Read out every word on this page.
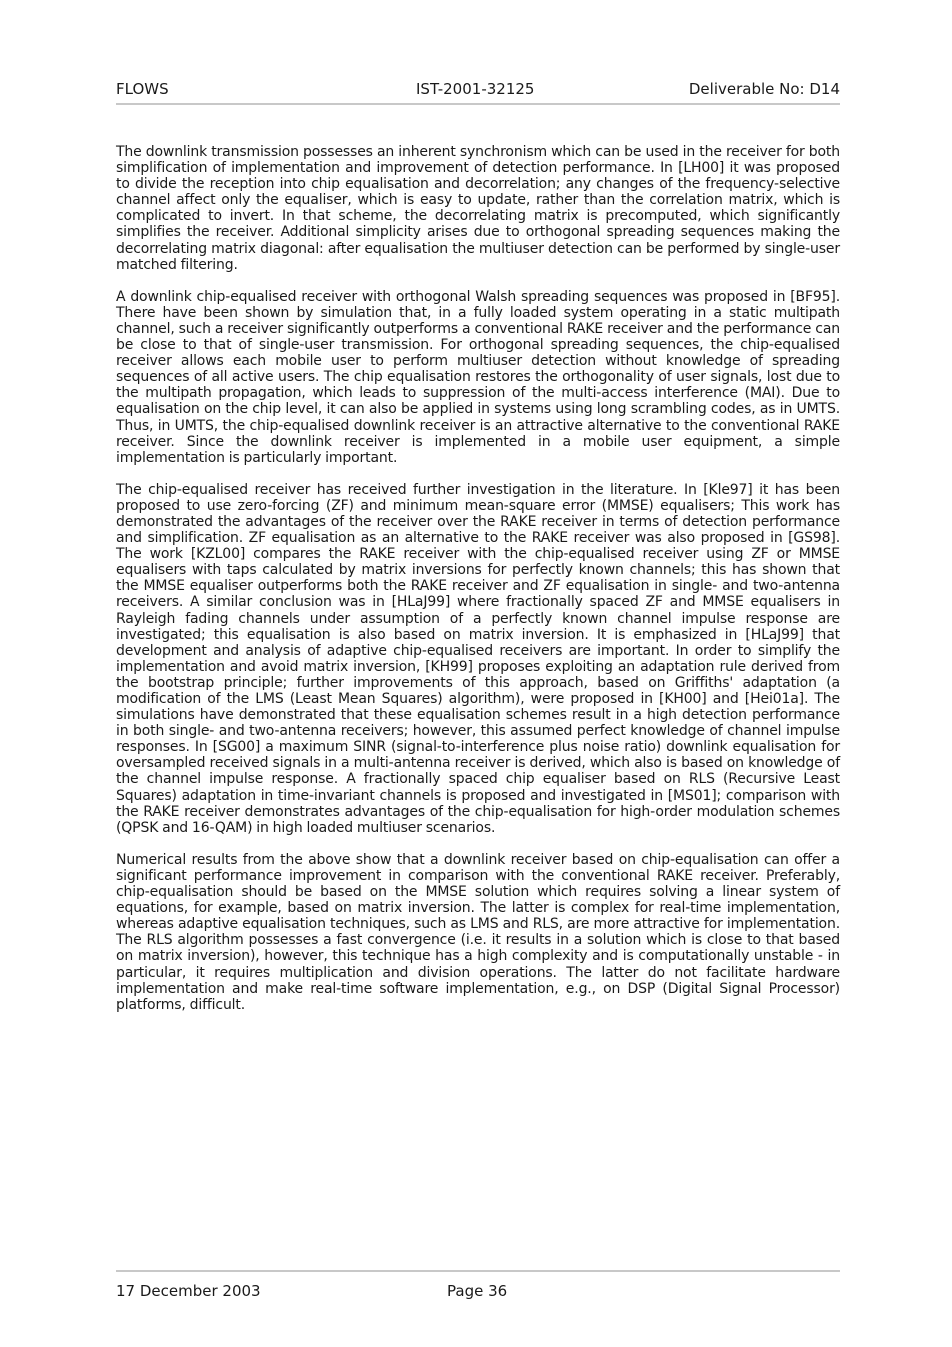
FLOWS	IST-2001-32125	Deliverable No: D14

The downlink transmission possesses an inherent synchronism which can be used in the receiver for both simplification of implementation and improvement of detection performance. In [LH00] it was proposed to divide the reception into chip equalisation and decorrelation; any changes of the frequency-selective channel affect only the equaliser, which is easy to update, rather than the correlation matrix, which is complicated to invert. In that scheme, the decorrelating matrix is precomputed, which significantly simplifies the receiver. Additional simplicity arises due to orthogonal spreading sequences making the decorrelating matrix diagonal: after equalisation the multiuser detection can be performed by single-user matched filtering.

A downlink chip-equalised receiver with orthogonal Walsh spreading sequences was proposed in [BF95]. There have been shown by simulation that, in a fully loaded system operating in a static multipath channel, such a receiver significantly outperforms a conventional RAKE receiver and the performance can be close to that of single-user transmission. For orthogonal spreading sequences, the chip-equalised receiver allows each mobile user to perform multiuser detection without knowledge of spreading sequences of all active users. The chip equalisation restores the orthogonality of user signals, lost due to the multipath propagation, which leads to suppression of the multi-access interference (MAI). Due to equalisation on the chip level, it can also be applied in systems using long scrambling codes, as in UMTS. Thus, in UMTS, the chip-equalised downlink receiver is an attractive alternative to the conventional RAKE receiver. Since the downlink receiver is implemented in a mobile user equipment, a simple implementation is particularly important.

The chip-equalised receiver has received further investigation in the literature. In [Kle97] it has been proposed to use zero-forcing (ZF) and minimum mean-square error (MMSE) equalisers; This work has demonstrated the advantages of the receiver over the RAKE receiver in terms of detection performance and simplification. ZF equalisation as an alternative to the RAKE receiver was also proposed in [GS98]. The work [KZL00] compares the RAKE receiver with the chip-equalised receiver using ZF or MMSE equalisers with taps calculated by matrix inversions for perfectly known channels; this has shown that the MMSE equaliser outperforms both the RAKE receiver and ZF equalisation in single- and two-antenna receivers. A similar conclusion was in [HLaJ99] where fractionally spaced ZF and MMSE equalisers in Rayleigh fading channels under assumption of a perfectly known channel impulse response are investigated; this equalisation is also based on matrix inversion. It is emphasized in [HLaJ99] that development and analysis of adaptive chip-equalised receivers are important. In order to simplify the implementation and avoid matrix inversion, [KH99] proposes exploiting an adaptation rule derived from the bootstrap principle; further improvements of this approach, based on Griffiths' adaptation (a modification of the LMS (Least Mean Squares) algorithm), were proposed in [KH00] and [Hei01a]. The simulations have demonstrated that these equalisation schemes result in a high detection performance in both single- and two-antenna receivers; however, this assumed perfect knowledge of channel impulse responses. In [SG00] a maximum SINR (signal-to-interference plus noise ratio) downlink equalisation for oversampled received signals in a multi-antenna receiver is derived, which also is based on knowledge of the channel impulse response. A fractionally spaced chip equaliser based on RLS (Recursive Least Squares) adaptation in time-invariant channels is proposed and investigated in [MS01]; comparison with the RAKE receiver demonstrates advantages of the chip-equalisation for high-order modulation schemes (QPSK and 16-QAM) in high loaded multiuser scenarios.

Numerical results from the above show that a downlink receiver based on chip-equalisation can offer a significant performance improvement in comparison with the conventional RAKE receiver. Preferably, chip-equalisation should be based on the MMSE solution which requires solving a linear system of equations, for example, based on matrix inversion. The latter is complex for real-time implementation, whereas adaptive equalisation techniques, such as LMS and RLS, are more attractive for implementation. The RLS algorithm possesses a fast convergence (i.e. it results in a solution which is close to that based on matrix inversion), however, this technique has a high complexity and is computationally unstable - in particular, it requires multiplication and division operations. The latter do not facilitate hardware implementation and make real-time software implementation, e.g., on DSP (Digital Signal Processor) platforms, difficult.

17 December 2003	Page 36
